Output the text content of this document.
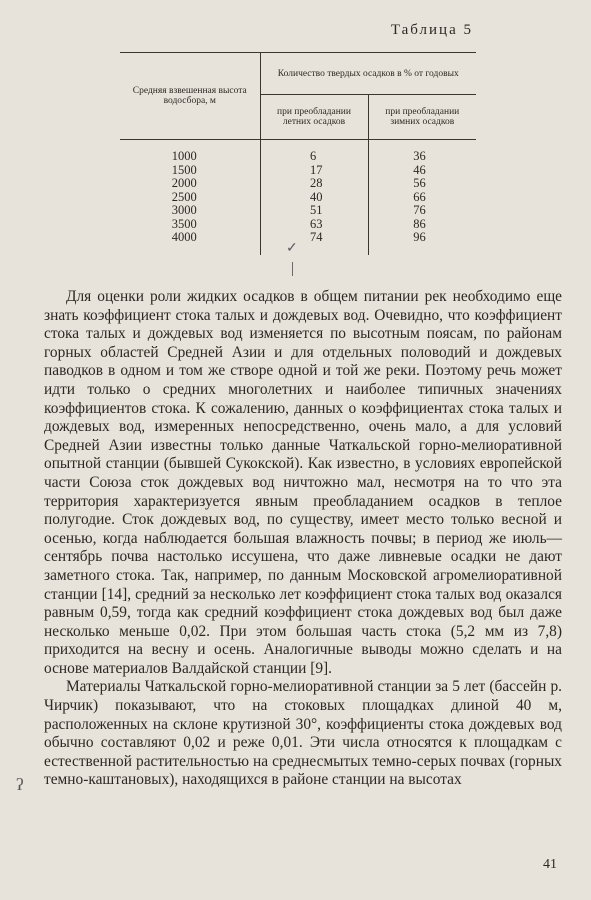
Таблица 5
Средняя взвешенная высота водосбора, м	Количество твердых осадков в % от годовых	
	при преобладании летних осадков	при преобладании зимних осадков

1000	6	36
1500	17	46
2000	28	56
2500	40	66
3000	51	76
3500	63	86
4000	74	96

✓

Для оценки роли жидких осадков в общем питании рек необходимо еще знать коэффициент стока талых и дождевых вод. Очевидно, что коэффициент стока талых и дождевых вод изменяется по высотным поясам, по районам горных областей Средней Азии и для отдельных половодий и дождевых паводков в одном и том же створе одной и той же реки. Поэтому речь может идти только о средних многолетних и наиболее типичных значениях коэффициентов стока. К сожалению, данных о коэффициентах стока талых и дождевых вод, измеренных непосредственно, очень мало, а для условий Средней Азии известны только данные Чаткальской горно-мелиоративной опытной станции (бывшей Сукокской). Как известно, в условиях европейской части Союза сток дождевых вод ничтожно мал, несмотря на то что эта территория характеризуется явным преобладанием осадков в теплое полугодие. Сток дождевых вод, по существу, имеет место только весной и осенью, когда наблюдается большая влажность почвы; в период же июль—сентябрь почва настолько иссушена, что даже ливневые осадки не дают заметного стока. Так, например, по данным Московской агромелиоративной станции [14], средний за несколько лет коэффициент стока талых вод оказался равным 0,59, тогда как средний коэффициент стока дождевых вод был даже несколько меньше 0,02. При этом большая часть стока (5,2 мм из 7,8) приходится на весну и осень. Аналогичные выводы можно сделать и на основе материалов Валдайской станции [9].

Материалы Чаткальской горно-мелиоративной станции за 5 лет (бассейн р. Чирчик) показывают, что на стоковых площадках длиной 40 м, расположенных на склоне крутизной 30°, коэффициенты стока дождевых вод обычно составляют 0,02 и реже 0,01. Эти числа относятся к площадкам с естественной растительностью на среднесмытых темно-серых почвах (горных темно-каштановых), находящихся в районе станции на высотах

ʔ
41
